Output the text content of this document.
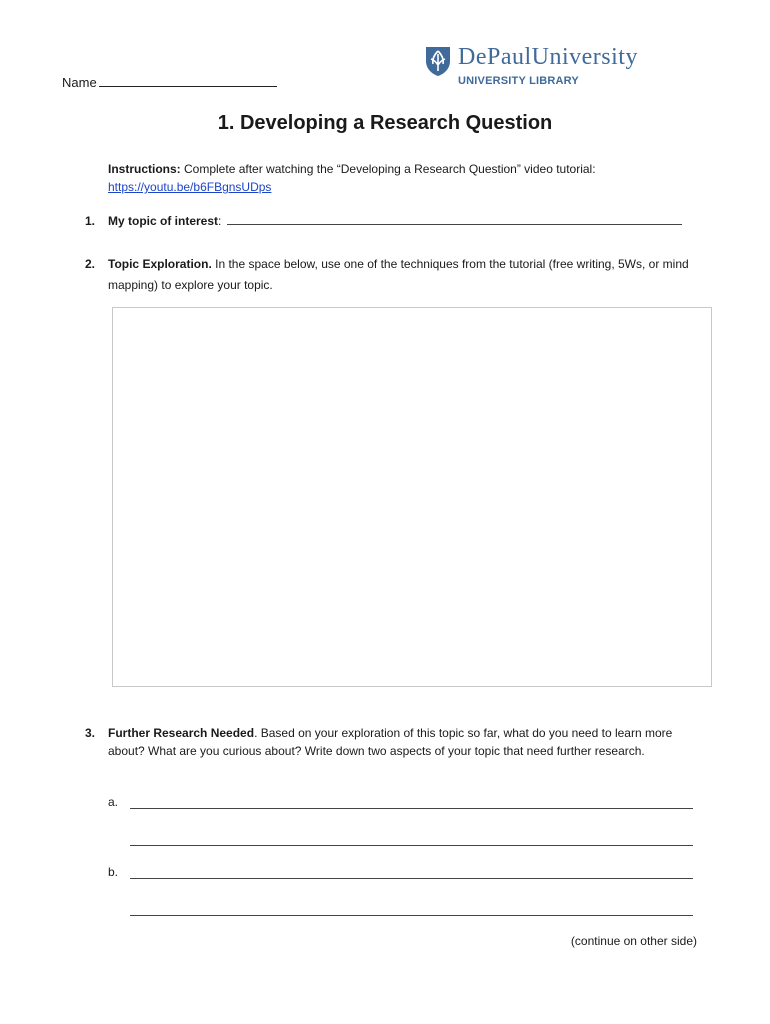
Name
DePaulUniversity
UNIVERSITY LIBRARY
1. Developing a Research Question
Instructions: Complete after watching the “Developing a Research Question” video tutorial:
https://youtu.be/b6FBgnsUDps
1. My topic of interest:
2. Topic Exploration. In the space below, use one of the techniques from the tutorial (free writing, 5Ws, or mind mapping) to explore your topic.
3. Further Research Needed. Based on your exploration of this topic so far, what do you need to learn more about? What are you curious about? Write down two aspects of your topic that need further research.
a.
b.
(continue on other side)
